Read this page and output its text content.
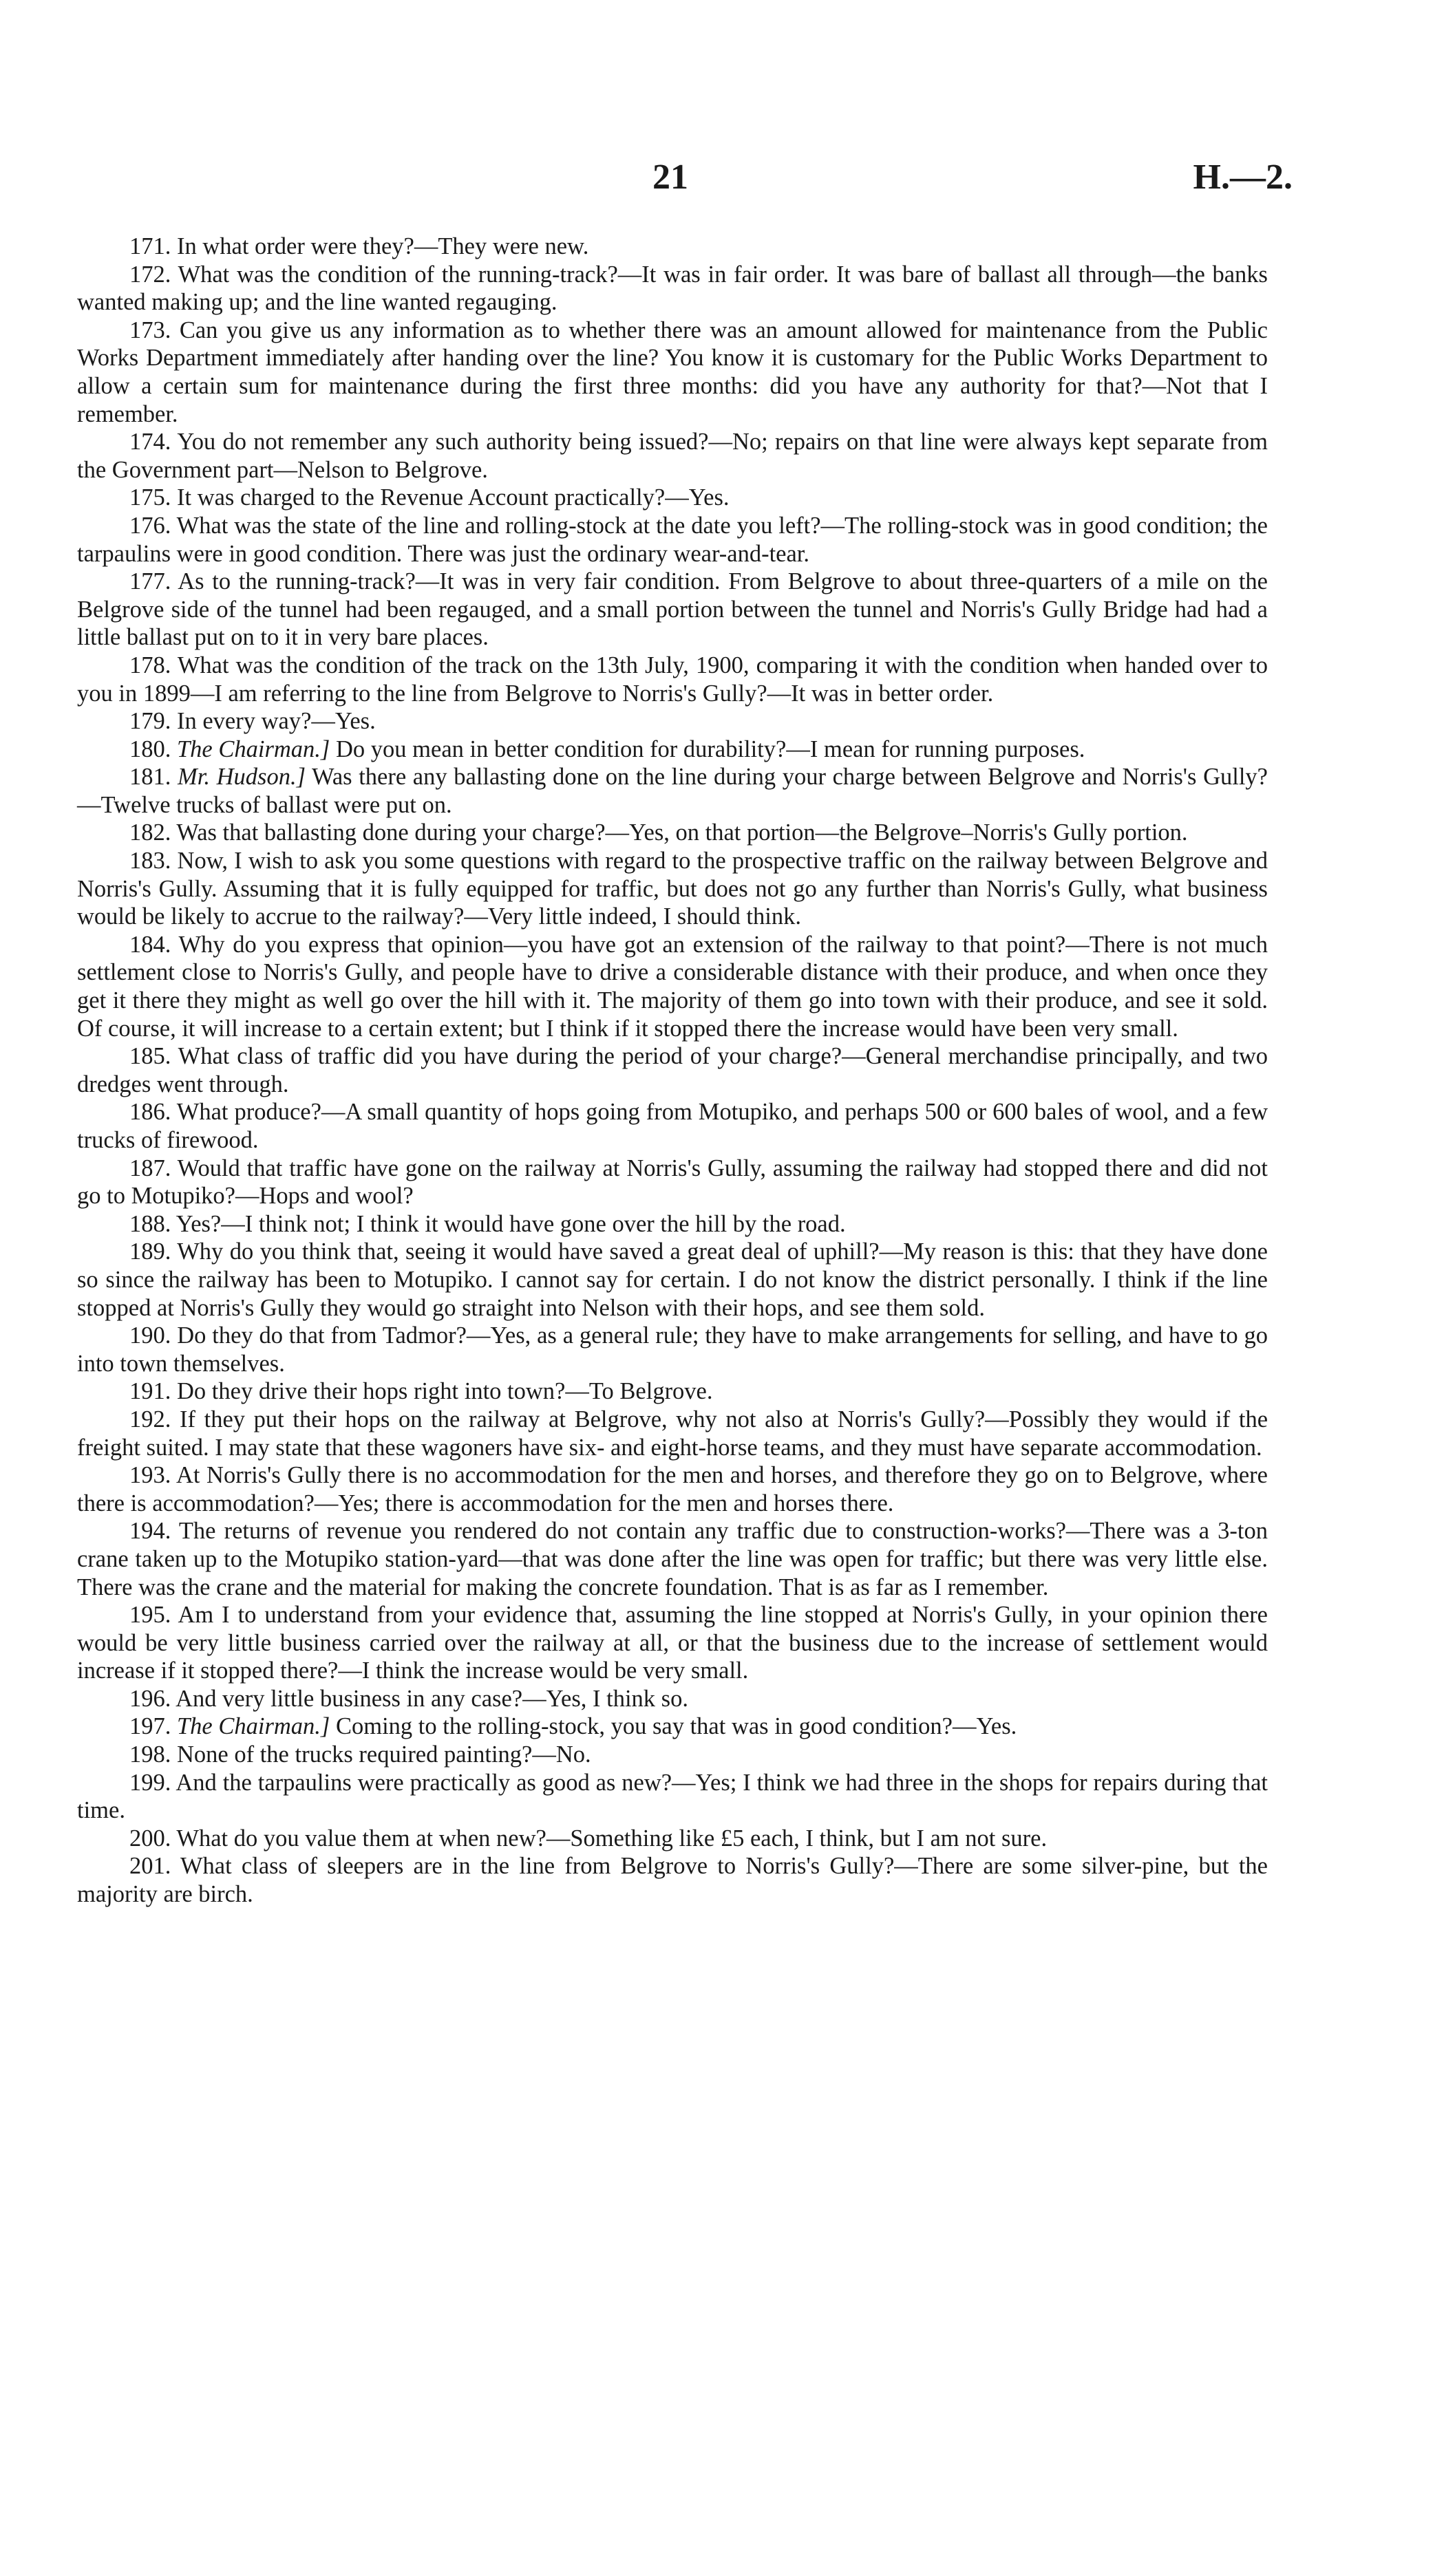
21	H.—2.

171. In what order were they?—They were new.

172. What was the condition of the running-track?—It was in fair order. It was bare of ballast all through—the banks wanted making up; and the line wanted regauging.

173. Can you give us any information as to whether there was an amount allowed for maintenance from the Public Works Department immediately after handing over the line? You know it is customary for the Public Works Department to allow a certain sum for maintenance during the first three months: did you have any authority for that?—Not that I remember.

174. You do not remember any such authority being issued?—No; repairs on that line were always kept separate from the Government part—Nelson to Belgrove.

175. It was charged to the Revenue Account practically?—Yes.

176. What was the state of the line and rolling-stock at the date you left?—The rolling-stock was in good condition; the tarpaulins were in good condition. There was just the ordinary wear-and-tear.

177. As to the running-track?—It was in very fair condition. From Belgrove to about three-quarters of a mile on the Belgrove side of the tunnel had been regauged, and a small portion between the tunnel and Norris's Gully Bridge had had a little ballast put on to it in very bare places.

178. What was the condition of the track on the 13th July, 1900, comparing it with the condition when handed over to you in 1899—I am referring to the line from Belgrove to Norris's Gully?—It was in better order.

179. In every way?—Yes.

180. The Chairman.] Do you mean in better condition for durability?—I mean for running purposes.

181. Mr. Hudson.] Was there any ballasting done on the line during your charge between Belgrove and Norris's Gully?—Twelve trucks of ballast were put on.

182. Was that ballasting done during your charge?—Yes, on that portion—the Belgrove–Norris's Gully portion.

183. Now, I wish to ask you some questions with regard to the prospective traffic on the railway between Belgrove and Norris's Gully. Assuming that it is fully equipped for traffic, but does not go any further than Norris's Gully, what business would be likely to accrue to the railway?—Very little indeed, I should think.

184. Why do you express that opinion—you have got an extension of the railway to that point?—There is not much settlement close to Norris's Gully, and people have to drive a considerable distance with their produce, and when once they get it there they might as well go over the hill with it. The majority of them go into town with their produce, and see it sold. Of course, it will increase to a certain extent; but I think if it stopped there the increase would have been very small.

185. What class of traffic did you have during the period of your charge?—General merchandise principally, and two dredges went through.

186. What produce?—A small quantity of hops going from Motupiko, and perhaps 500 or 600 bales of wool, and a few trucks of firewood.

187. Would that traffic have gone on the railway at Norris's Gully, assuming the railway had stopped there and did not go to Motupiko?—Hops and wool?

188. Yes?—I think not; I think it would have gone over the hill by the road.

189. Why do you think that, seeing it would have saved a great deal of uphill?—My reason is this: that they have done so since the railway has been to Motupiko. I cannot say for certain. I do not know the district personally. I think if the line stopped at Norris's Gully they would go straight into Nelson with their hops, and see them sold.

190. Do they do that from Tadmor?—Yes, as a general rule; they have to make arrangements for selling, and have to go into town themselves.

191. Do they drive their hops right into town?—To Belgrove.

192. If they put their hops on the railway at Belgrove, why not also at Norris's Gully?—Possibly they would if the freight suited. I may state that these wagoners have six- and eight-horse teams, and they must have separate accommodation.

193. At Norris's Gully there is no accommodation for the men and horses, and therefore they go on to Belgrove, where there is accommodation?—Yes; there is accommodation for the men and horses there.

194. The returns of revenue you rendered do not contain any traffic due to construction-works?—There was a 3-ton crane taken up to the Motupiko station-yard—that was done after the line was open for traffic; but there was very little else. There was the crane and the material for making the concrete foundation. That is as far as I remember.

195. Am I to understand from your evidence that, assuming the line stopped at Norris's Gully, in your opinion there would be very little business carried over the railway at all, or that the business due to the increase of settlement would increase if it stopped there?—I think the increase would be very small.

196. And very little business in any case?—Yes, I think so.

197. The Chairman.] Coming to the rolling-stock, you say that was in good condition?—Yes.

198. None of the trucks required painting?—No.

199. And the tarpaulins were practically as good as new?—Yes; I think we had three in the shops for repairs during that time.

200. What do you value them at when new?—Something like £5 each, I think, but I am not sure.

201. What class of sleepers are in the line from Belgrove to Norris's Gully?—There are some silver-pine, but the majority are birch.
